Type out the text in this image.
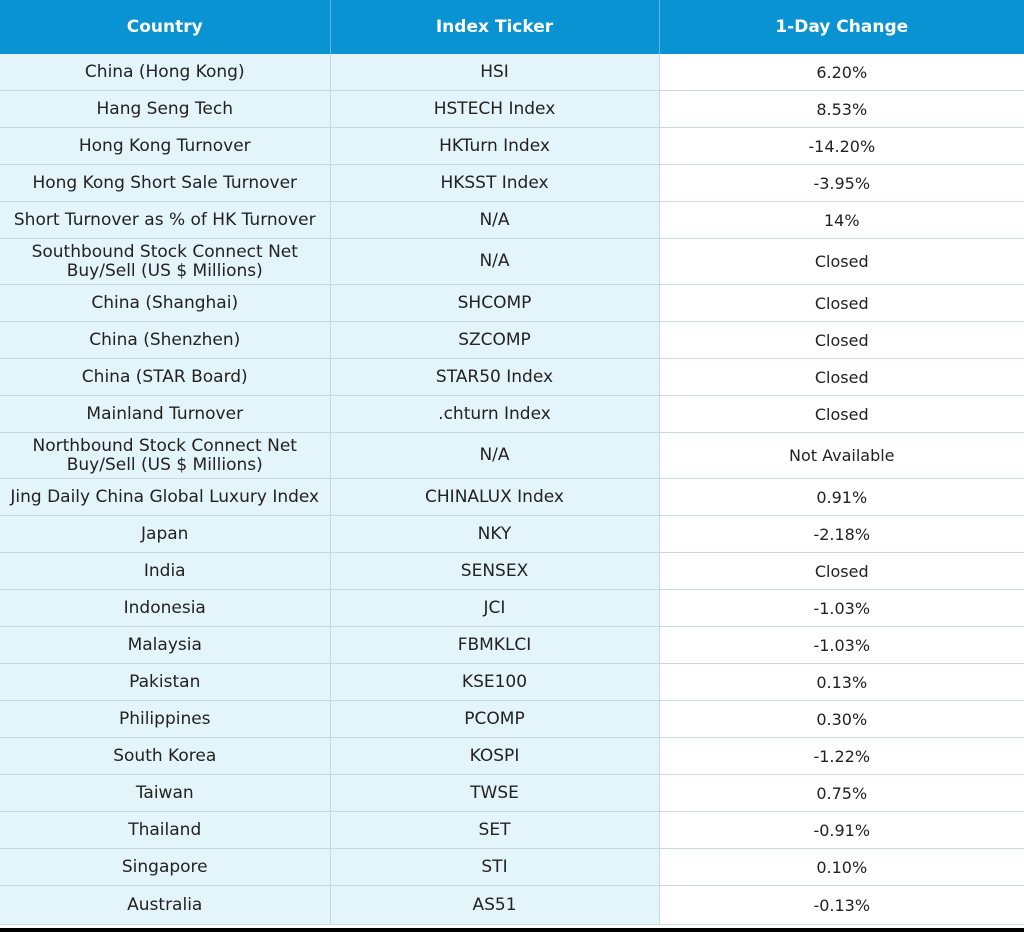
Country	Index Ticker	1-Day Change
China (Hong Kong)	HSI	6.20%
Hang Seng Tech	HSTECH Index	8.53%
Hong Kong Turnover	HKTurn Index	-14.20%
Hong Kong Short Sale Turnover	HKSST Index	-3.95%
Short Turnover as % of HK Turnover	N/A	14%
Southbound Stock Connect Net Buy/Sell (US $ Millions)	N/A	Closed
China (Shanghai)	SHCOMP	Closed
China (Shenzhen)	SZCOMP	Closed
China (STAR Board)	STAR50 Index	Closed
Mainland Turnover	.chturn Index	Closed
Northbound Stock Connect Net Buy/Sell (US $ Millions)	N/A	Not Available
Jing Daily China Global Luxury Index	CHINALUX Index	0.91%
Japan	NKY	-2.18%
India	SENSEX	Closed
Indonesia	JCI	-1.03%
Malaysia	FBMKLCI	-1.03%
Pakistan	KSE100	0.13%
Philippines	PCOMP	0.30%
South Korea	KOSPI	-1.22%
Taiwan	TWSE	0.75%
Thailand	SET	-0.91%
Singapore	STI	0.10%
Australia	AS51	-0.13%
